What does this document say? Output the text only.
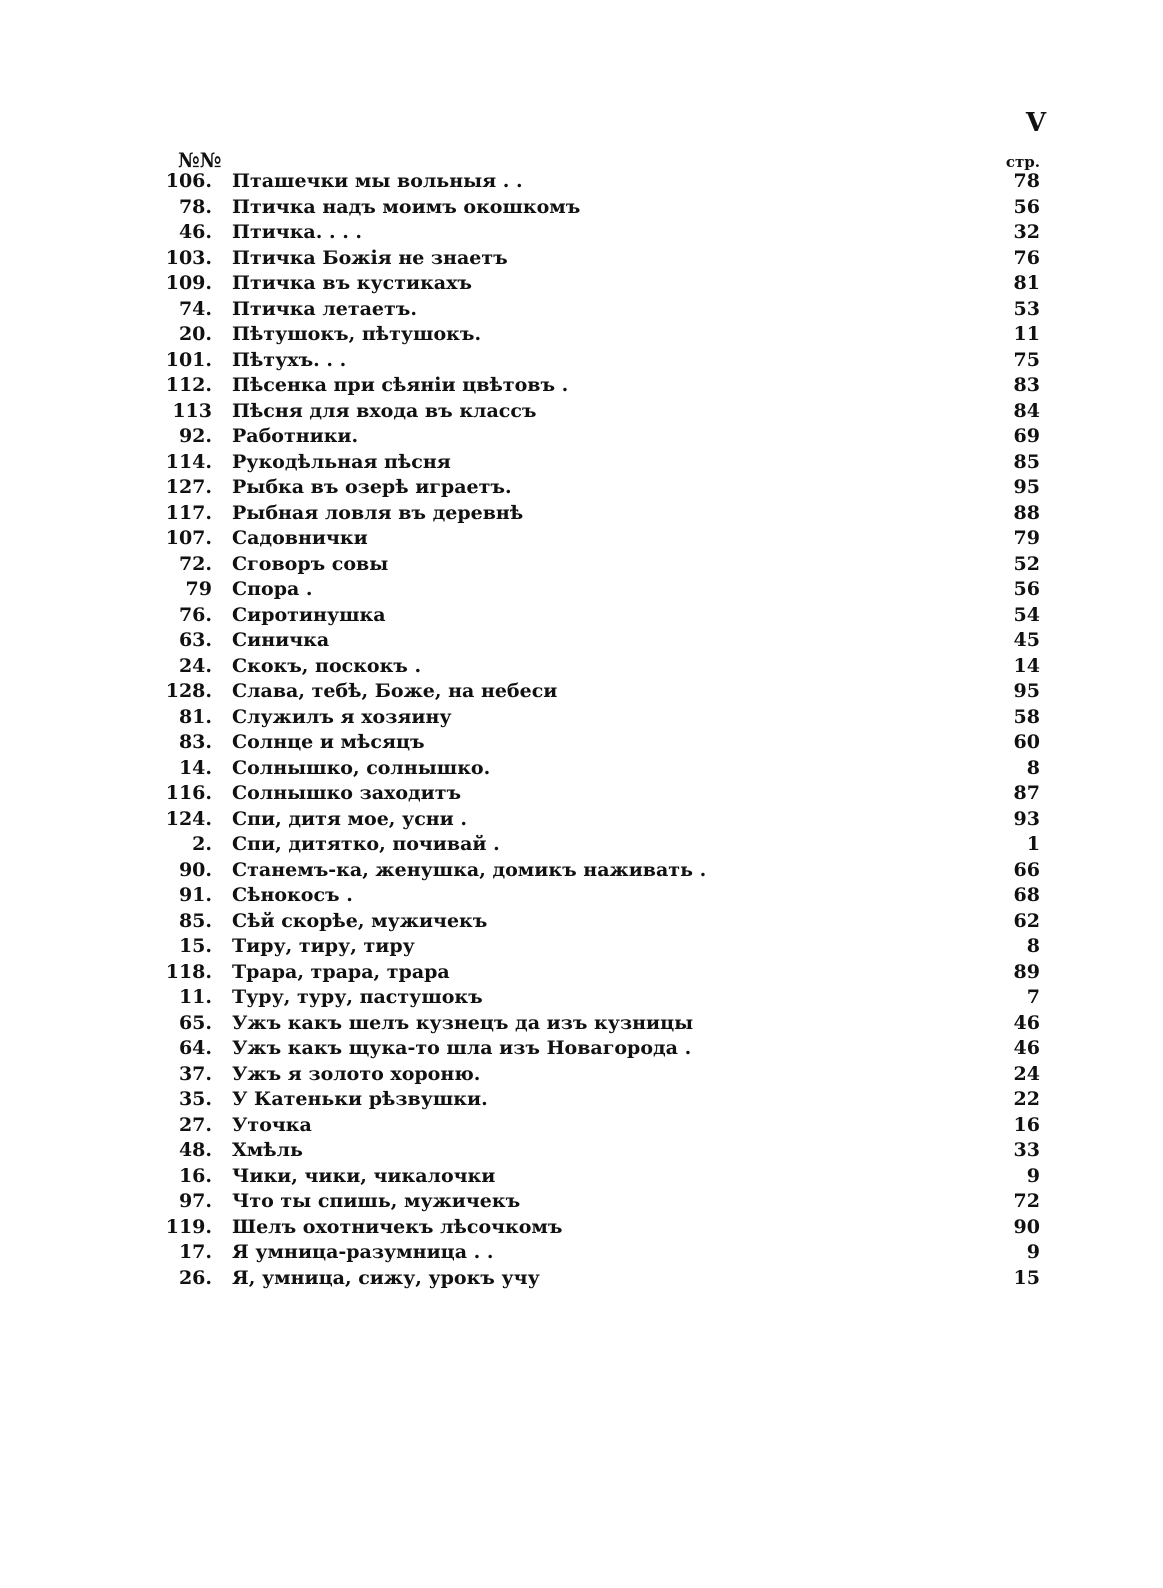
V
№№	стр.
106. Пташечки мы вольныя . .	78
78. Птичка надъ моимъ окошкомъ	56
46. Птичка. . . .	32
103. Птичка Божія не знаетъ	76
109. Птичка въ кустикахъ	81
74. Птичка летаетъ.	53
20. Пѣтушокъ, пѣтушокъ.	11
101. Пѣтухъ. . .	75
112. Пѣсенка при сѣяніи цвѣтовъ .	83
113 Пѣсня для входа въ классъ	84
92. Работники.	69
114. Рукодѣльная пѣсня	85
127. Рыбка въ озерѣ играетъ.	95
117. Рыбная ловля въ деревнѣ	88
107. Садовнички	79
72. Сговоръ совы	52
79 Спора .	56
76. Сиротинушка	54
63. Синичка	45
24. Скокъ, поскокъ .	14
128. Слава, тебѣ, Боже, на небеси	95
81. Служилъ я хозяину	58
83. Солнце и мѣсяцъ	60
14. Солнышко, солнышко.	8
116. Солнышко заходитъ	87
124. Спи, дитя мое, усни .	93
2. Спи, дитятко, почивай .	1
90. Станемъ-ка, женушка, домикъ наживать .	66
91. Сѣнокосъ .	68
85. Сѣй скорѣе, мужичекъ	62
15. Тиру, тиру, тиру	8
118. Трара, трара, трара	89
11. Туру, туру, пастушокъ	7
65. Ужъ какъ шелъ кузнецъ да изъ кузницы	46
64. Ужъ какъ щука-то шла изъ Новагорода .	46
37. Ужъ я золото хороню.	24
35. У Катеньки рѣзвушки.	22
27. Уточка	16
48. Хмѣль	33
16. Чики, чики, чикалочки	9
97. Что ты спишь, мужичекъ	72
119. Шелъ охотничекъ лѣсочкомъ	90
17. Я умница-разумница . .	9
26. Я, умница, сижу, урокъ учу	15
